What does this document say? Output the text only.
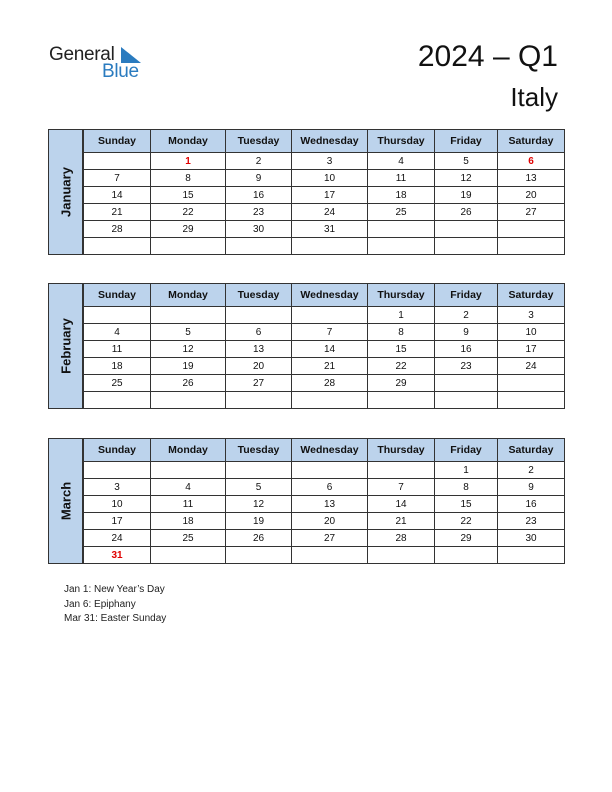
General
Blue	2024 – Q1
Italy
January
Sunday	Monday	Tuesday	Wednesday	Thursday	Friday	Saturday
	1	2	3	4	5	6
7	8	9	10	11	12	13
14	15	16	17	18	19	20
21	22	23	24	25	26	27
28	29	30	31			

February
Sunday	Monday	Tuesday	Wednesday	Thursday	Friday	Saturday
				1	2	3
4	5	6	7	8	9	10
11	12	13	14	15	16	17
18	19	20	21	22	23	24
25	26	27	28	29		

March
Sunday	Monday	Tuesday	Wednesday	Thursday	Friday	Saturday
					1	2
3	4	5	6	7	8	9
10	11	12	13	14	15	16
17	18	19	20	21	22	23
24	25	26	27	28	29	30
31						
Jan 1: New Year’s Day
Jan 6: Epiphany
Mar 31: Easter Sunday
